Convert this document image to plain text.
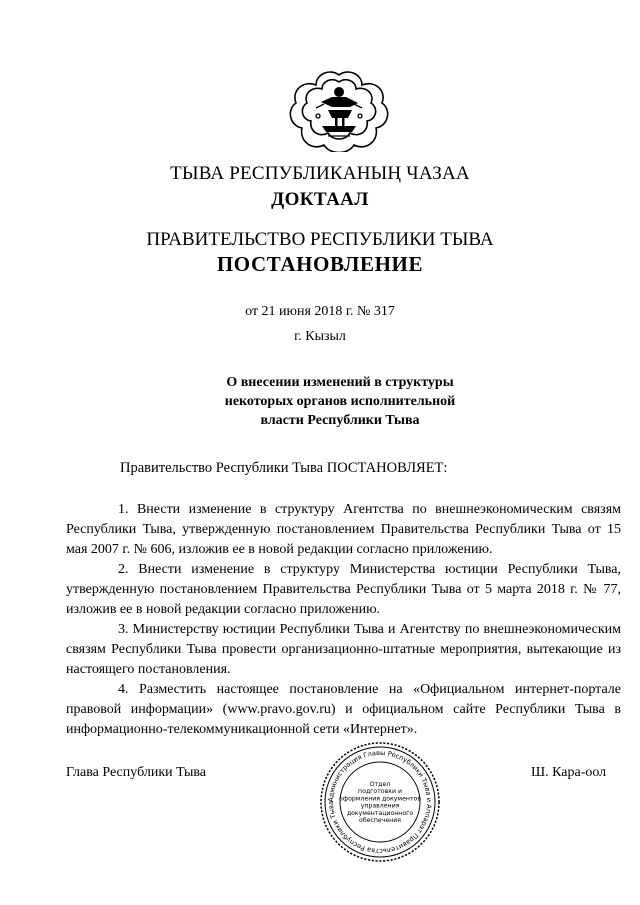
ТЫВА РЕСПУБЛИКАНЫҢ ЧАЗАА
ДОКТААЛ
ПРАВИТЕЛЬСТВО РЕСПУБЛИКИ ТЫВА
ПОСТАНОВЛЕНИЕ
от 21 июня 2018 г. № 317
г. Кызыл
О внесении изменений в структуры
некоторых органов исполнительной
власти Республики Тыва
Правительство Республики Тыва ПОСТАНОВЛЯЕТ:
1. Внести изменение в структуру Агентства по внешнеэкономическим связям Республики Тыва, утвержденную постановлением Правительства Республики Тыва от 15 мая 2007 г. № 606, изложив ее в новой редакции согласно приложению.
2. Внести изменение в структуру Министерства юстиции Республики Тыва, утвержденную постановлением Правительства Республики Тыва от 5 марта 2018 г. № 77, изложив ее в новой редакции согласно приложению.
3. Министерству юстиции Республики Тыва и Агентству по внешнеэкономическим связям Республики Тыва провести организационно-штатные мероприятия, вытекающие из настоящего постановления.
4. Разместить настоящее постановление на «Официальном интернет-портале правовой информации» (www.pravo.gov.ru) и официальном сайте Республики Тыва в информационно-телекоммуникационной сети «Интернет».
Глава Республики Тыва	Ш. Кара-оол
Администрация Главы Республики Тыва и Аппарат Правительства Республики Тыва
Отдел
подготовки и
оформления документов
управления
документационного
обеспечения
